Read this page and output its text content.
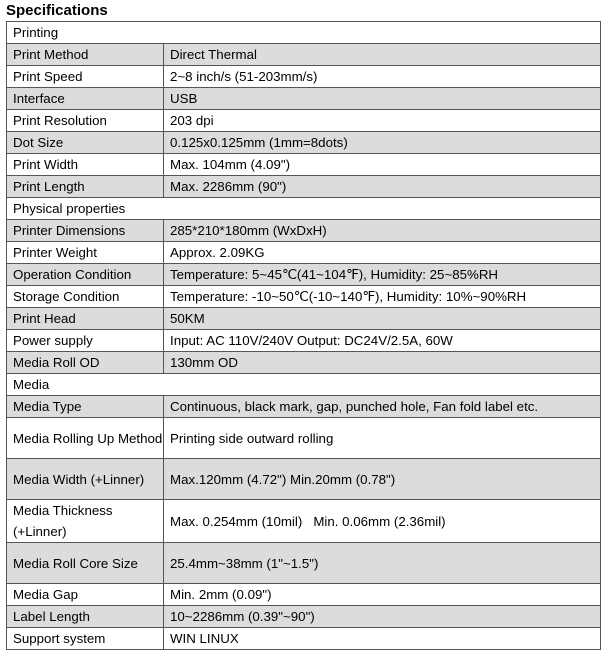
Specifications
Printing	
Print Method	Direct Thermal
Print Speed	2~8 inch/s (51-203mm/s)
Interface	USB
Print Resolution	203 dpi
Dot Size	0.125x0.125mm (1mm=8dots)
Print Width	Max. 104mm (4.09")
Print Length	Max. 2286mm (90")
Physical properties	
Printer Dimensions	285*210*180mm (WxDxH)
Printer Weight	Approx. 2.09KG
Operation Condition	Temperature: 5~45℃(41~104℉), Humidity: 25~85%RH
Storage Condition	Temperature: -10~50℃(-10~140℉), Humidity: 10%~90%RH
Print Head	50KM
Power supply	Input: AC 110V/240V Output: DC24V/2.5A, 60W
Media Roll OD	130mm OD
Media	
Media Type	Continuous, black mark, gap, punched hole, Fan fold label etc.
Media Rolling Up Method	Printing side outward rolling
Media Width (+Linner)	Max.120mm (4.72") Min.20mm (0.78")
Media Thickness (+Linner)	Max. 0.254mm (10mil)   Min. 0.06mm (2.36mil)
Media Roll Core Size	25.4mm~38mm (1"~1.5")
Media Gap	Min. 2mm (0.09")
Label Length	10~2286mm (0.39"~90")
Support system	WIN LINUX
